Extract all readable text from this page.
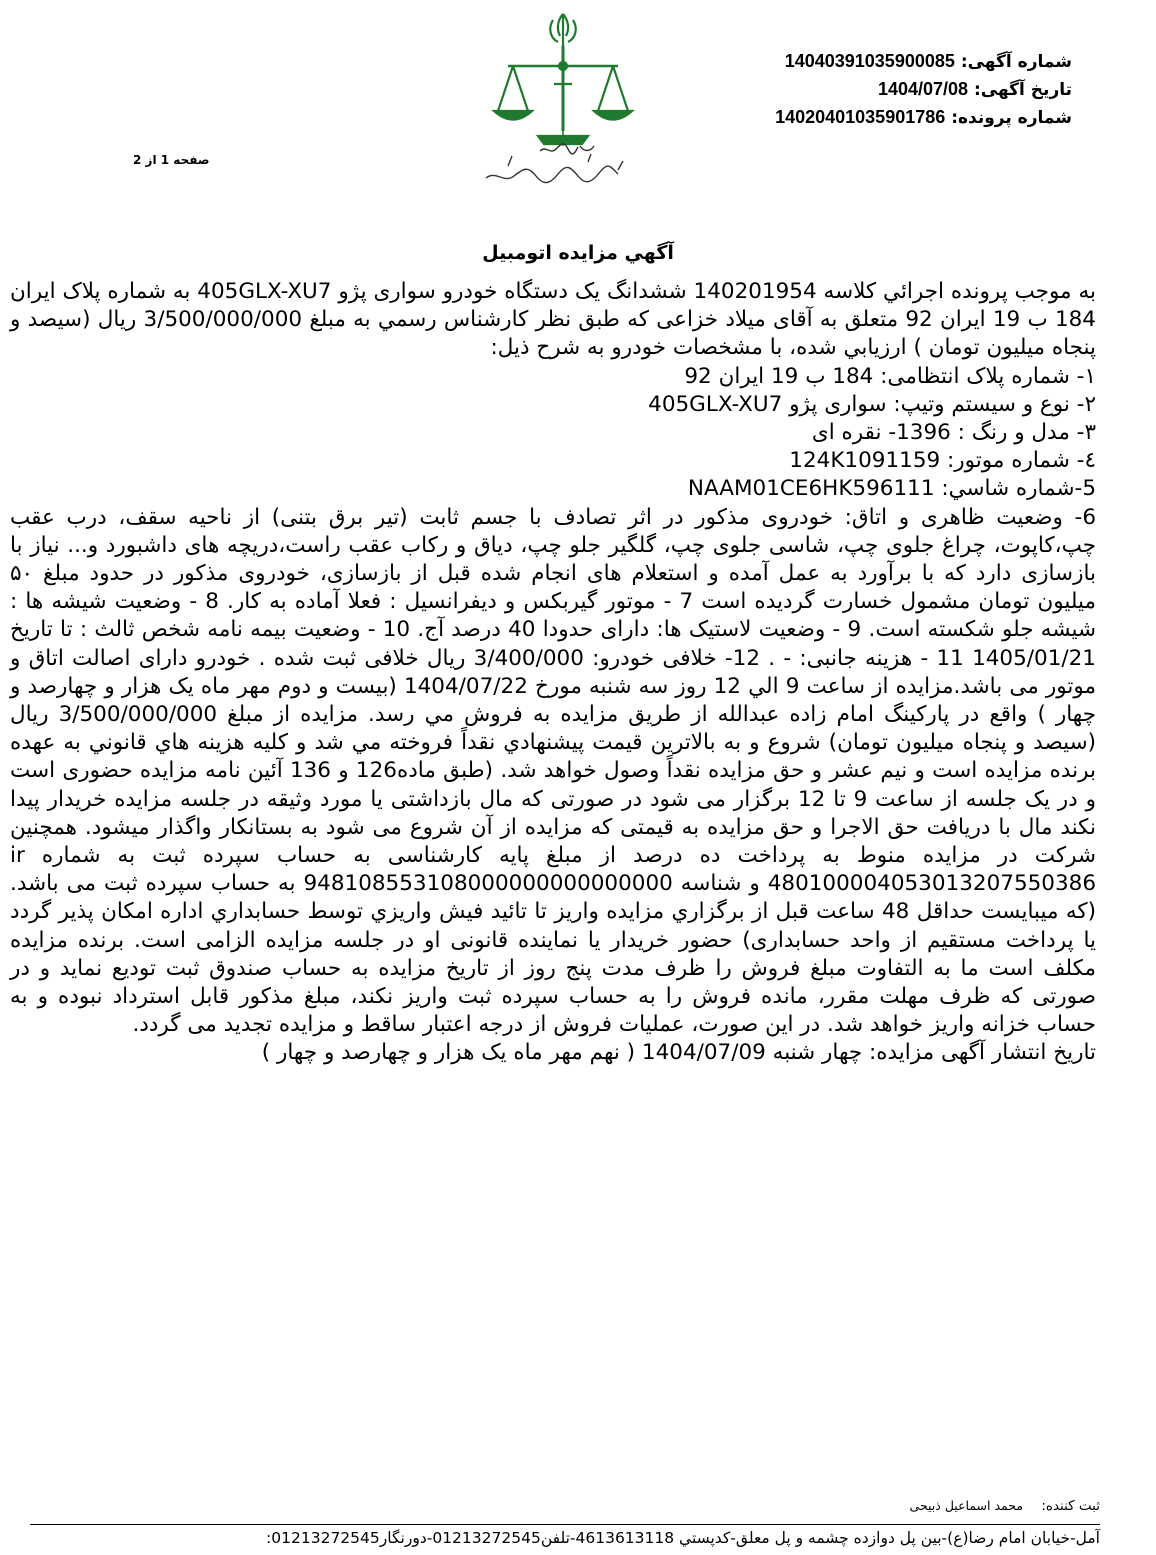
شماره آگهی: 14040391035900085
تاریخ آگهی: 1404/07/08
شماره پرونده: 14020401035901786
صفحه 1 از 2
آگهي مزايده اتومبيل

به موجب پرونده اجرائي كلاسه 140201954 ششدانگ یک دستگاه خودرو سواری پژو 405GLX-XU7 به شماره پلاک ایران 184 ب 19 ایران 92 متعلق به آقای میلاد خزاعی که طبق نظر كارشناس رسمي به مبلغ 3/500/000/000 ريال (سیصد و پنجاه میلیون تومان ) ارزيابي شده، با مشخصات خودرو به شرح ذيل:

١- شماره پلاک انتظامی: 184 ب 19 ایران 92

٢- نوع و سیستم وتیپ: سواری پژو 405GLX-XU7

٣- مدل و رنگ : 1396- نقره ای

٤- شماره موتور: 124K1091159

5-شماره شاسي: NAAM01CE6HK596111

6- وضعیت ظاهری و اتاق: خودروی مذکور در اثر تصادف با جسم ثابت (تیر برق بتنی) از ناحیه سقف، درب عقب چپ،کاپوت، چراغ جلوی چپ، شاسی جلوی چپ، گلگیر جلو چپ، دیاق و رکاب عقب راست،دریچه های داشبورد و... نیاز با بازسازی دارد که با برآورد به عمل آمده و استعلام های انجام شده قبل از بازسازی، خودروی مذکور در حدود مبلغ ۵۰ میلیون تومان مشمول خسارت گردیده است 7 - موتور گیربکس و دیفرانسیل : فعلا آماده به کار. 8 - وضعیت شیشه ها : شیشه جلو شکسته است. 9 - وضعیت لاستیک ها: دارای حدودا 40 درصد آج. 10 - وضعیت بیمه نامه شخص ثالث : تا تاریخ 1405/01/21 11 - هزینه جانبی: - . 12- خلافی خودرو: 3/400/000 ریال خلافی ثبت شده . خودرو دارای اصالت اتاق و موتور می باشد.مزایده از ساعت 9 الي 12 روز سه شنبه مورخ 1404/07/22 (بیست و دوم مهر ماه یک هزار و چهارصد و چهار ) واقع در پارکینگ امام زاده عبدالله از طريق مزايده به فروش مي رسد. مزايده از مبلغ 3/500/000/000 ريال (سیصد و پنجاه میلیون تومان) شروع و به بالاترين قيمت پيشنهادي نقداً فروخته مي شد و كليه هزينه هاي قانوني به عهده برنده مزايده است و نیم عشر و حق مزایده نقداً وصول خواهد شد. (طبق ماده126 و 136 آئین نامه مزایده حضوری است و در یک جلسه از ساعت 9 تا 12 برگزار می شود در صورتی که مال بازداشتی یا مورد وثیقه در جلسه مزایده خریدار پیدا نکند مال با دریافت حق الاجرا و حق مزایده به قیمتی که مزایده از آن شروع می شود به بستانکار واگذار میشود. همچنین شرکت در مزایده منوط به پرداخت ده درصد از مبلغ پایه کارشناسی به حساب سپرده ثبت به شماره ir 480100004053013207550386 و شناسه 948108553108000000000000000 به حساب سپرده ثبت می باشد. (که میبایست حداقل 48 ساعت قبل از برگزاري مزايده واريز تا تائيد فيش واريزي توسط حسابداري اداره امكان پذير گردد يا پرداخت مستقيم از واحد حسابداری) حضور خریدار یا نماینده قانونی او در جلسه مزایده الزامی است. برنده مزایده مکلف است ما به التفاوت مبلغ فروش را ظرف مدت پنج روز از تاریخ مزایده به حساب صندوق ثبت تودیع نماید و در صورتی که ظرف مهلت مقرر، مانده فروش را به حساب سپرده ثبت واریز نکند، مبلغ مذکور قابل استرداد نبوده و به حساب خزانه واریز خواهد شد. در این صورت، عملیات فروش از درجه اعتبار ساقط و مزایده تجدید می گردد.

تاريخ انتشار آگهی مزایده: چهار شنبه 1404/07/09 ( نهم مهر ماه یک هزار و چهارصد و چهار )

ثبت كننده: محمد اسماعیل ذبیحی
آمل-خيابان امام رضا(ع)-بين پل دوازده چشمه و پل معلق-كدپستي 4613613118-تلفن01213272545-دورنگار01213272545:
